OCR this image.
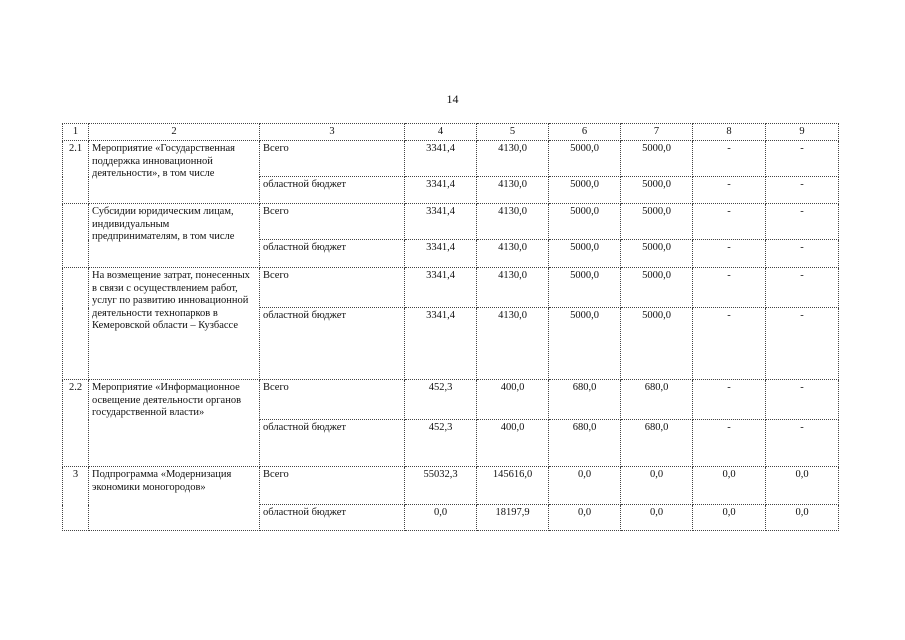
14
1	2	3	4	5	6	7	8	9
2.1	Мероприятие «Государственная поддержка инновационной деятельности», в том числе	Всего	3341,4	4130,0	5000,0	5000,0	-	-
		областной бюджет	3341,4	4130,0	5000,0	5000,0	-	-
	Субсидии юридическим лицам, индивидуальным предпринимателям, в том числе	Всего	3341,4	4130,0	5000,0	5000,0	-	-
		областной бюджет	3341,4	4130,0	5000,0	5000,0	-	-
	На возмещение затрат, понесенных в связи с осуществлением работ, услуг по развитию инновационной деятельности технопарков в Кемеровской области – Кузбассе	Всего	3341,4	4130,0	5000,0	5000,0	-	-
		областной бюджет	3341,4	4130,0	5000,0	5000,0	-	-
2.2	Мероприятие «Информационное освещение деятельности органов государственной власти»	Всего	452,3	400,0	680,0	680,0	-	-
		областной бюджет	452,3	400,0	680,0	680,0	-	-
3	Подпрограмма «Модернизация экономики моногородов»	Всего	55032,3	145616,0	0,0	0,0	0,0	0,0
		областной бюджет	0,0	18197,9	0,0	0,0	0,0	0,0
